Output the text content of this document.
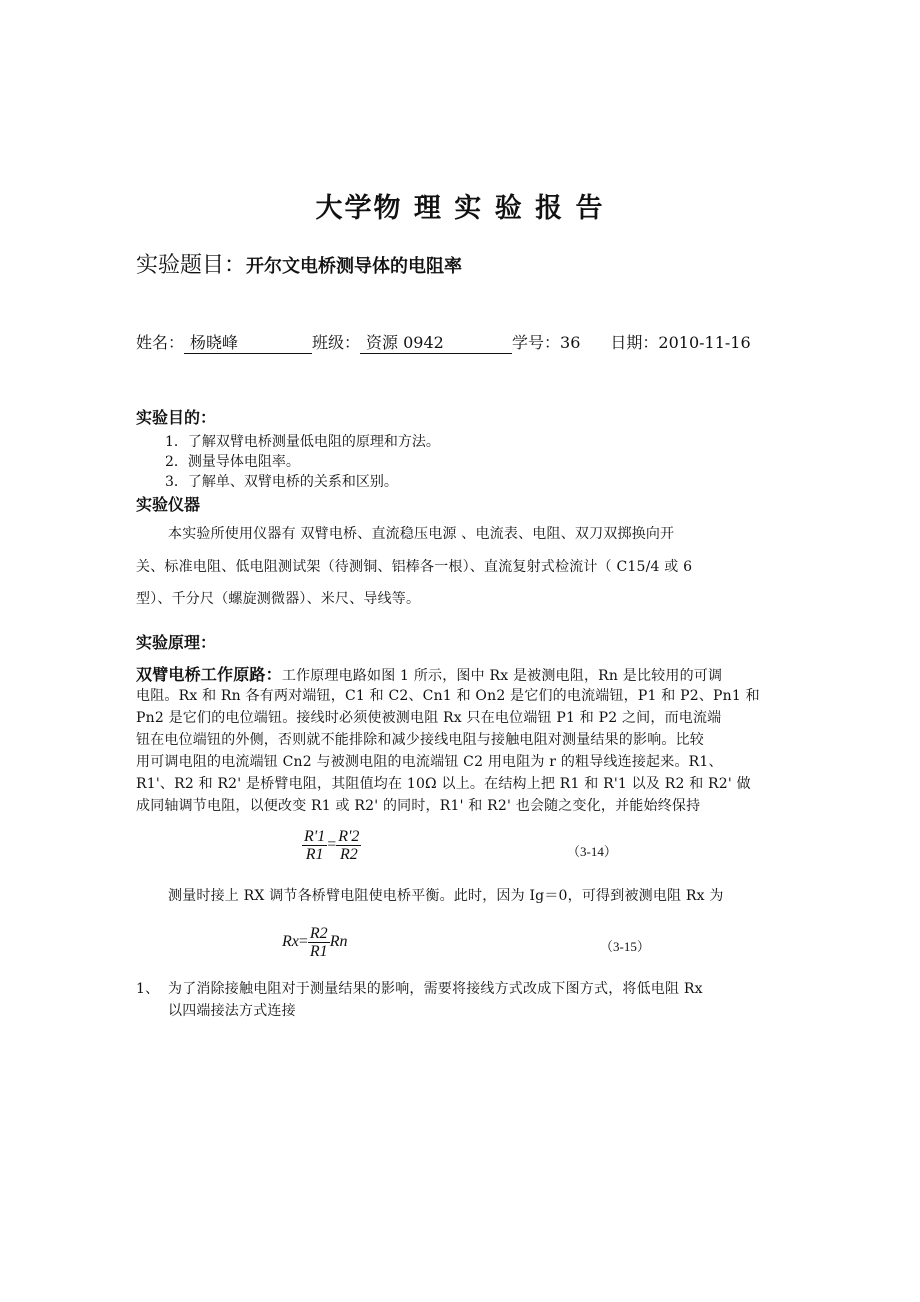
大学物 理 实 验 报 告
实验题目：开尔文电桥测导体的电阻率
姓名： 杨晓峰	班级： 资源 0942	学号：36 日期：2010-11-16
实验目的：
1．了解双臂电桥测量低电阻的原理和方法。
2．测量导体电阻率。
3．了解单、双臂电桥的关系和区别。
实验仪器
本实验所使用仪器有 双臂电桥、直流稳压电源 、电流表、电阻、双刀双掷换向开
关、标准电阻、低电阻测试架（待测铜、铝棒各一根）、直流复射式检流计（ C15/4 或 6
型）、千分尺（螺旋测微器）、米尺、导线等。
实验原理：
双臂电桥工作原路：工作原理电路如图 1 所示，图中 Rx 是被测电阻，Rn 是比较用的可调
电阻。Rx 和 Rn 各有两对端钮，C1 和 C2、Cn1 和 On2 是它们的电流端钮，P1 和 P2、Pn1 和
Pn2 是它们的电位端钮。接线时必须使被测电阻 Rx 只在电位端钮 P1 和 P2 之间，而电流端
钮在电位端钮的外侧，否则就不能排除和减少接线电阻与接触电阻对测量结果的影响。比较
用可调电阻的电流端钮 Cn2 与被测电阻的电流端钮 C2 用电阻为 r 的粗导线连接起来。R1、
R1'、R2 和 R2' 是桥臂电阻，其阻值均在 10Ω 以上。在结构上把 R1 和 R'1 以及 R2 和 R2' 做
成同轴调节电阻，以便改变 R1 或 R2' 的同时，R1' 和 R2' 也会随之变化，并能始终保持
$\frac{R'1}{R1} = \frac{R'2}{R2}$	（3-14）
测量时接上 RX 调节各桥臂电阻使电桥平衡。此时，因为 Ig＝0，可得到被测电阻 Rx 为
$Rx= \frac{R2}{R1}$ Rn	（3-15）
1、 为了消除接触电阻对于测量结果的影响，需要将接线方式改成下图方式，将低电阻 Rx
以四端接法方式连接
